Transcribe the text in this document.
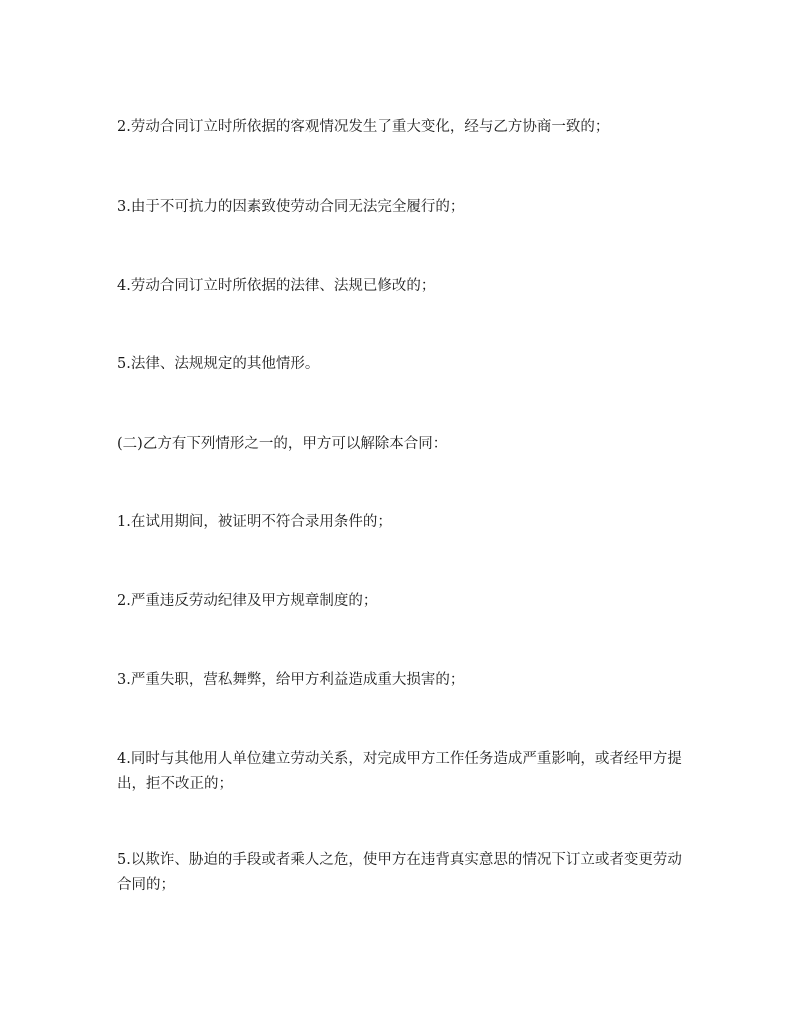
2.劳动合同订立时所依据的客观情况发生了重大变化，经与乙方协商一致的；

3.由于不可抗力的因素致使劳动合同无法完全履行的；

4.劳动合同订立时所依据的法律、法规已修改的；

5.法律、法规规定的其他情形。

(二)乙方有下列情形之一的，甲方可以解除本合同：

1.在试用期间，被证明不符合录用条件的；

2.严重违反劳动纪律及甲方规章制度的；

3.严重失职，营私舞弊，给甲方利益造成重大损害的；

4.同时与其他用人单位建立劳动关系，对完成甲方工作任务造成严重影响，或者经甲方提出，拒不改正的；

5.以欺诈、胁迫的手段或者乘人之危，使甲方在违背真实意思的情况下订立或者变更劳动合同的；
